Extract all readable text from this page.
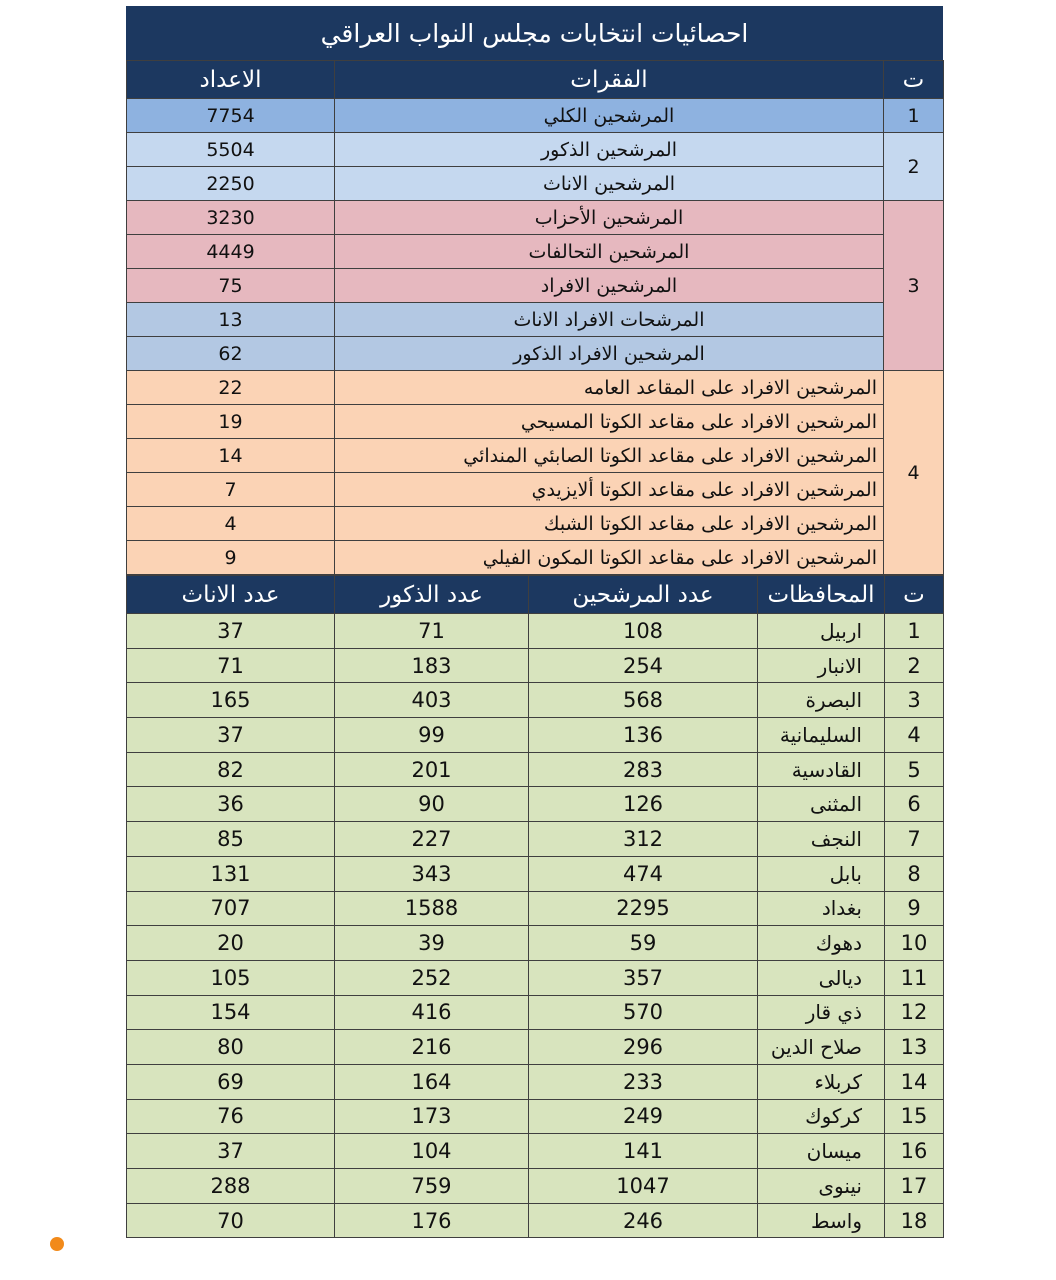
احصائيات انتخابات مجلس النواب العراقي
الاعداد	الفقرات	ت
7754	المرشحين الكلي	1
5504	المرشحين الذكور	2
2250	المرشحين الاناث	
3230	المرشحين الأحزاب	3
4449	المرشحين التحالفات	
75	المرشحين الافراد	
13	المرشحات الافراد الاناث	
62	المرشحين الافراد الذكور	
22	المرشحين الافراد على المقاعد العامه	4
19	المرشحين الافراد على مقاعد الكوتا المسيحي	
14	المرشحين الافراد على مقاعد الكوتا الصابئي المندائي	
7	المرشحين الافراد على مقاعد الكوتا ألايزيدي	
4	المرشحين الافراد على مقاعد الكوتا الشبك	
9	المرشحين الافراد على مقاعد الكوتا المكون الفيلي	
عدد الاناث	عدد الذكور	عدد المرشحين	المحافظات	ت
37	71	108	اربيل	1
71	183	254	الانبار	2
165	403	568	البصرة	3
37	99	136	السليمانية	4
82	201	283	القادسية	5
36	90	126	المثنى	6
85	227	312	النجف	7
131	343	474	بابل	8
707	1588	2295	بغداد	9
20	39	59	دهوك	10
105	252	357	ديالى	11
154	416	570	ذي قار	12
80	216	296	صلاح الدين	13
69	164	233	كربلاء	14
76	173	249	كركوك	15
37	104	141	ميسان	16
288	759	1047	نينوى	17
70	176	246	واسط	18
